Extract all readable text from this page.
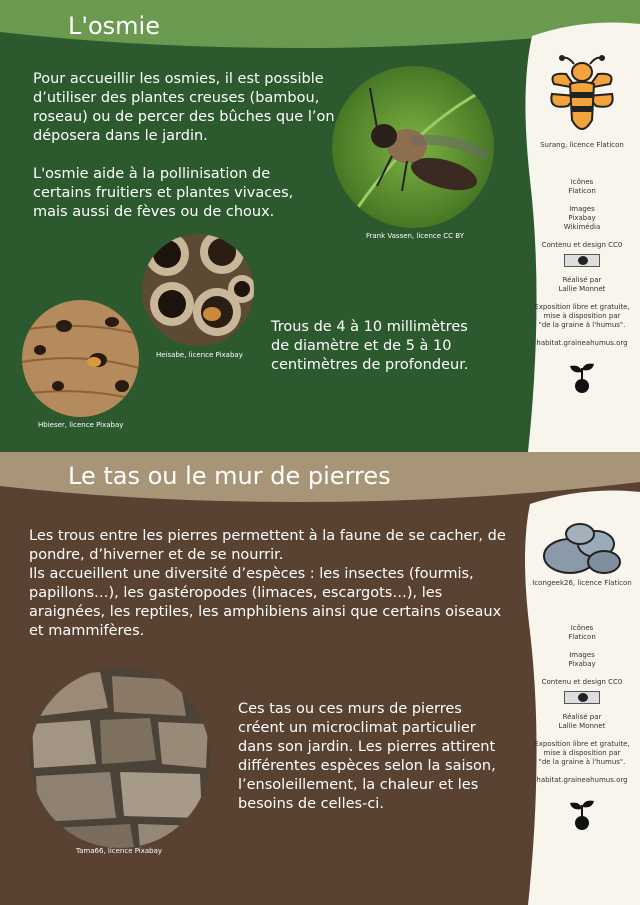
L'osmie

Pour accueillir les osmies, il est possible d’utiliser des plantes creuses (bambou, roseau) ou de percer des bûches que l’on déposera dans le jardin.

L'osmie aide à la pollinisation de certains fruitiers et plantes vivaces, mais aussi de fèves ou de choux.

Trous de 4 à 10 millimètres de diamètre et de 5 à 10 centimètres de profondeur.

Frank Vassen, licence CC BY
Heisabe, licence Pixabay
Hbieser, licence Pixabay
Surang, licence Flaticon
Icônes
Flaticon
Images
Pixabay
Wikimédia
Contenu et design CC0
Réalisé par
Lallie Monnet
Exposition libre et gratuite,
mise à disposition par
"de la graine à l'humus".
habitat.graineahumus.org
Le tas ou le mur de pierres

Les trous entre les pierres permettent à la faune de se cacher, de pondre, d’hiverner et de se nourrir.

Ils accueillent une diversité d’espèces : les insectes (fourmis, papillons…), les gastéropodes (limaces, escargots…), les araignées, les reptiles, les amphibiens ainsi que certains oiseaux et mammifères.

Ces tas ou ces murs de pierres créent un microclimat particulier dans son jardin. Les pierres attirent différentes espèces selon la saison, l’ensoleillement, la chaleur et les besoins de celles-ci.

Tama66, licence Pixabay
Icongeek26, licence Flaticon
Icônes
Flaticon
Images
Pixabay
Contenu et design CC0
Réalisé par
Lallie Monnet
Exposition libre et gratuite,
mise à disposition par
"de la graine à l'humus".
habitat.graineahumus.org
